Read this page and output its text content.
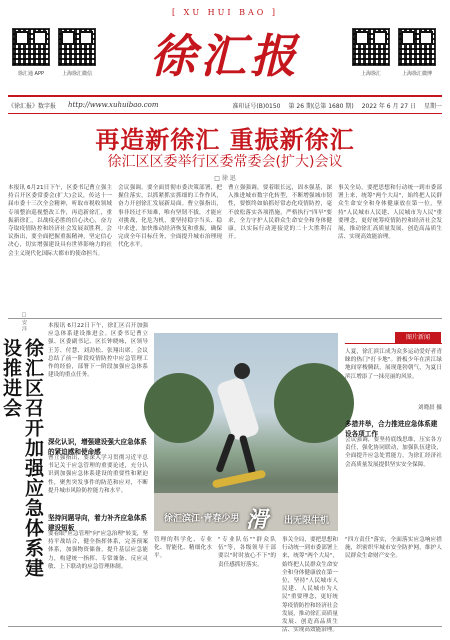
[ XU HUI BAO ]
徐汇通 APP	上海徐汇微信	徐汇报	上海徐汇	上海徐汇微博
《徐汇报》数字报	http://www.xuhuibao.com	准印证号(B)0150 第 26 期(总第 1680 期) 2022 年 6 月 27 日 星期一
再造新徐汇 重振新徐汇
徐汇区区委举行区委常委会(扩大)会议
□ 徐 迅
本报讯 6月21日下午，区委书记曹立强主持召开区委常委会(扩大)会议，传达十一届市委十三次全会精神，听取市税收领域专项整治巡视整改工作，再造新徐汇，重振新徐汇，以战疫必胜的信心决心，奋力夺取疫情防控和经济社会发展双胜利。会议指出，要全面把握重振精神，坚定信心决心，切实增强建设具有世界影响力的社会主义现代化国际大都市的使命担当。
会议强调，要全面贯彻市委决策部署，把握住落实，以抓紧抓实抓细的工作作风，奋力开创徐汇发展新局面。曹立强指出，事非经过不知难，唯有坚韧不拔，才能应对挑战，化危为机，要坚持稳字当头、稳中求进，加快推动经济恢复和重振，确保完成全年目标任务，全面提升城市治理现代化水平。
曹立强强调，要着眼长远，固本强基，深入推进城市数字化转型，不断增强城市韧性，要慎终如始抓好常态化疫情防控，毫不放松落实各项措施，严格执行"四早"要求，全力守护人民群众生命安全和身体健康，以实际行动迎接党的二十大胜利召开。
事关全局，要把思想和行动统一到市委部署上来，统筹"两个大局"，始终把人民群众生命安全和身体健康放在第一位，坚持"人民城市人民建、人民城市为人民"重要理念，更好统筹疫情防控和经济社会发展，推动徐汇高质量发展、创造高品质生活、实现高效能治理。
□ 安 洋
徐汇区召开加强应急体系建设推进会
本报讯 6月22日下午，徐汇区召开加强应急体系建设推进会。区委书记曹立强、区委副书记、区长钟晓咏，区领导王芳、付慧、刘劲松、张翔出席。会议总结了前一阶段疫情防控中应急管理工作的经验，部署下一阶段加强应急体系建设的重点任务。
深化认识，增强建设强大应急体系的紧迫感和使命感
曹立强指出，要深入学习贯彻习近平总书记关于应急管理的重要论述，充分认识到加强应急体系建设的重要性和紧迫性，聚焦突发事件的防范和应对，不断提升城市风险防控能力和水平。
坚持问题导向，着力补齐应急体系建设短板
要着眼"应急管理"向"应急治理"转变，坚持平战结合，健全指挥体系，完善预案体系，加强物资储备，提升基层应急能力，构建统一指挥、专常兼备、反应灵敏、上下联动的应急管理体制。
徐汇滨江·青春少男 滑 出无限牛机
图片新闻
人夏，徐汇滨江成为众多运动爱好者青睐的热门"打卡地"。滑板少年在滨江绿地间穿梭腾跃，展现蓬勃朝气，为夏日滨江增添了一抹亮丽的风景。
刘晓晨 摄
多措并举，合力推进应急体系建设各项工作
会议强调，要坚持底线思维，压实各方责任，强化协同联动，加强队伍建设，全面提升应急处置能力，为徐汇经济社会高质量发展提供坚实安全保障。
管理的科学化、专业化、智能化、精细化水平。
"专业队伍""群众队伍"等，各级领导干部要以"时时放心不下"的责任感抓好落实。
事关全局，要把思想和行动统一到市委部署上来，统筹"两个大局"，始终把人民群众生命安全和身体健康放在第一位，坚持"人民城市人民建、人民城市为人民"重要理念，更好统筹疫情防控和经济社会发展，推动徐汇高质量发展、创造高品质生活、实现高效能治理。
"四方责任"落实，全面落实应急响应措施，织密织牢城市安全防护网，维护人民群众生命财产安全。
